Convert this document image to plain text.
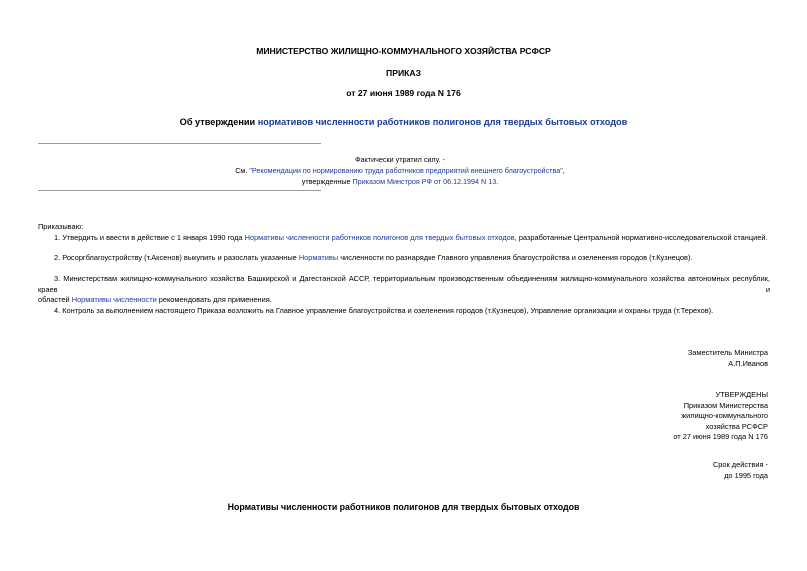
МИНИСТЕРСТВО ЖИЛИЩНО-КОММУНАЛЬНОГО ХОЗЯЙСТВА РСФСР
ПРИКАЗ
от 27 июня 1989 года N 176
Об утверждении нормативов численности работников полигонов для твердых бытовых отходов
Фактически утратил силу. -
См. "Рекомендации по нормированию труда работников предприятий внешнего благоустройства",
утвержденные Приказом Минстроя РФ от 06.12.1994 N 13.
Приказываю:
1. Утвердить и ввести в действие с 1 января 1990 года Нормативы численности работников полигонов для твердых бытовых отходов, разработанные Центральной нормативно-исследовательской станцией.
2. Росоргблагоустройству (т.Аксенов) выкупить и разослать указанные Нормативы численности по разнарядке Главного управления благоустройства и озеленения городов (т.Кузнецов).
3. Министерствам жилищно-коммунального хозяйства Башкирской и Дагестанской АССР, территориальным производственным объединениям жилищно-коммунального хозяйства автономных республик, краев и
областей Нормативы численности рекомендовать для применения.
4. Контроль за выполнением настоящего Приказа возложить на Главное управление благоустройства и озеленения городов (т.Кузнецов), Управление организации и охраны труда (т.Терехов).
Заместитель Министра
А.П.Иванов
УТВЕРЖДЕНЫ
Приказом Министерства
жилищно-коммунального
хозяйства РСФСР
от 27 июня 1989 года N 176
Срок действия -
до 1995 года
Нормативы численности работников полигонов для твердых бытовых отходов
